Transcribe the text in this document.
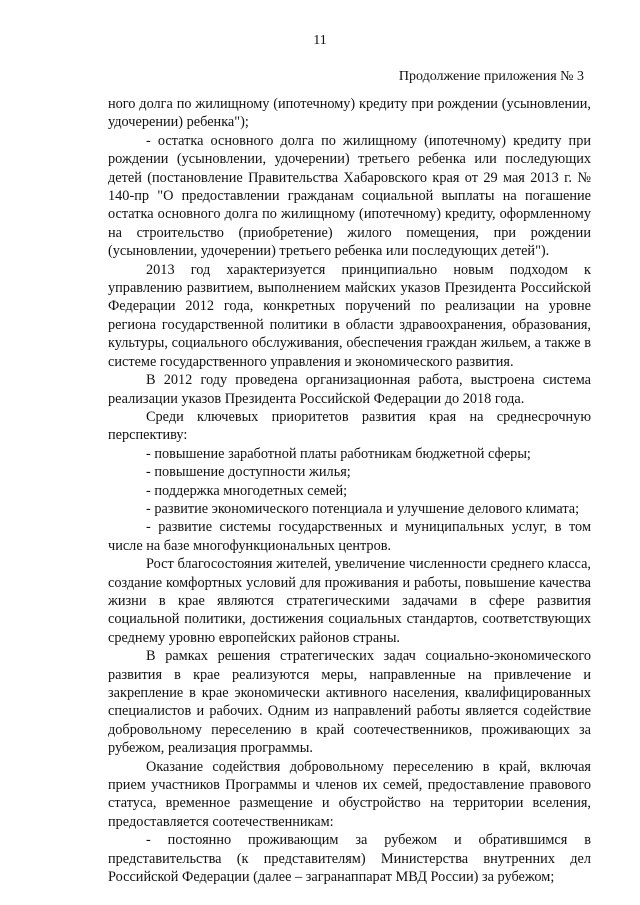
11
Продолжение приложения № 3

ного долга по жилищному (ипотечному) кредиту при рождении (усыновлении, удочерении) ребенка");

- остатка основного долга по жилищному (ипотечному) кредиту при рождении (усыновлении, удочерении) третьего ребенка или последующих детей (постановление Правительства Хабаровского края от 29 мая 2013 г. № 140-пр "О предоставлении гражданам социальной выплаты на погашение остатка основного долга по жилищному (ипотечному) кредиту, оформленному на строительство (приобретение) жилого помещения, при рождении (усыновлении, удочерении) третьего ребенка или последующих детей").

2013 год характеризуется принципиально новым подходом к управлению развитием, выполнением майских указов Президента Российской Федерации 2012 года, конкретных поручений по реализации на уровне региона государственной политики в области здравоохранения, образования, культуры, социального обслуживания, обеспечения граждан жильем, а также в системе государственного управления и экономического развития.

В 2012 году проведена организационная работа, выстроена система реализации указов Президента Российской Федерации до 2018 года.

Среди ключевых приоритетов развития края на среднесрочную перспективу:

- повышение заработной платы работникам бюджетной сферы;

- повышение доступности жилья;

- поддержка многодетных семей;

- развитие экономического потенциала и улучшение делового климата;

- развитие системы государственных и муниципальных услуг, в том числе на базе многофункциональных центров.

Рост благосостояния жителей, увеличение численности среднего класса, создание комфортных условий для проживания и работы, повышение качества жизни в крае являются стратегическими задачами в сфере развития социальной политики, достижения социальных стандартов, соответствующих среднему уровню европейских районов страны.

В рамках решения стратегических задач социально-экономического развития в крае реализуются меры, направленные на привлечение и закрепление в крае экономически активного населения, квалифицированных специалистов и рабочих. Одним из направлений работы является содействие добровольному переселению в край соотечественников, проживающих за рубежом, реализация программы.

Оказание содействия добровольному переселению в край, включая прием участников Программы и членов их семей, предоставление правового статуса, временное размещение и обустройство на территории вселения, предоставляется соотечественникам:

- постоянно проживающим за рубежом и обратившимся в представительства (к представителям) Министерства внутренних дел Российской Федерации (далее – загранаппарат МВД России) за рубежом;
